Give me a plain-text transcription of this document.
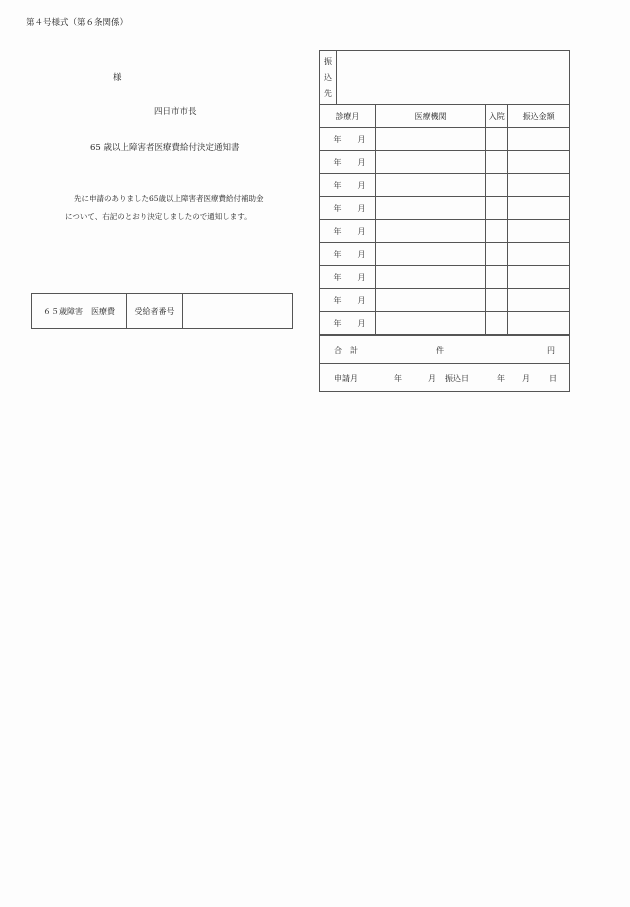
第４号様式（第６条関係）
様
四日市市長
65 歳以上障害者医療費給付決定通知書
先に申請のありました65歳以上障害者医療費給付補助金
について、右記のとおり決定しましたので通知します。
６５歳障害　医療費	受給者番号	
振
込
先
診療月	医療機関	入院	振込金額

年 月			

年 月			

年 月			

年 月			

年 月			

年 月			

年 月			

年 月			

年 月			

合　計	件	円
申請月	年	月 振込日	年 月 日
